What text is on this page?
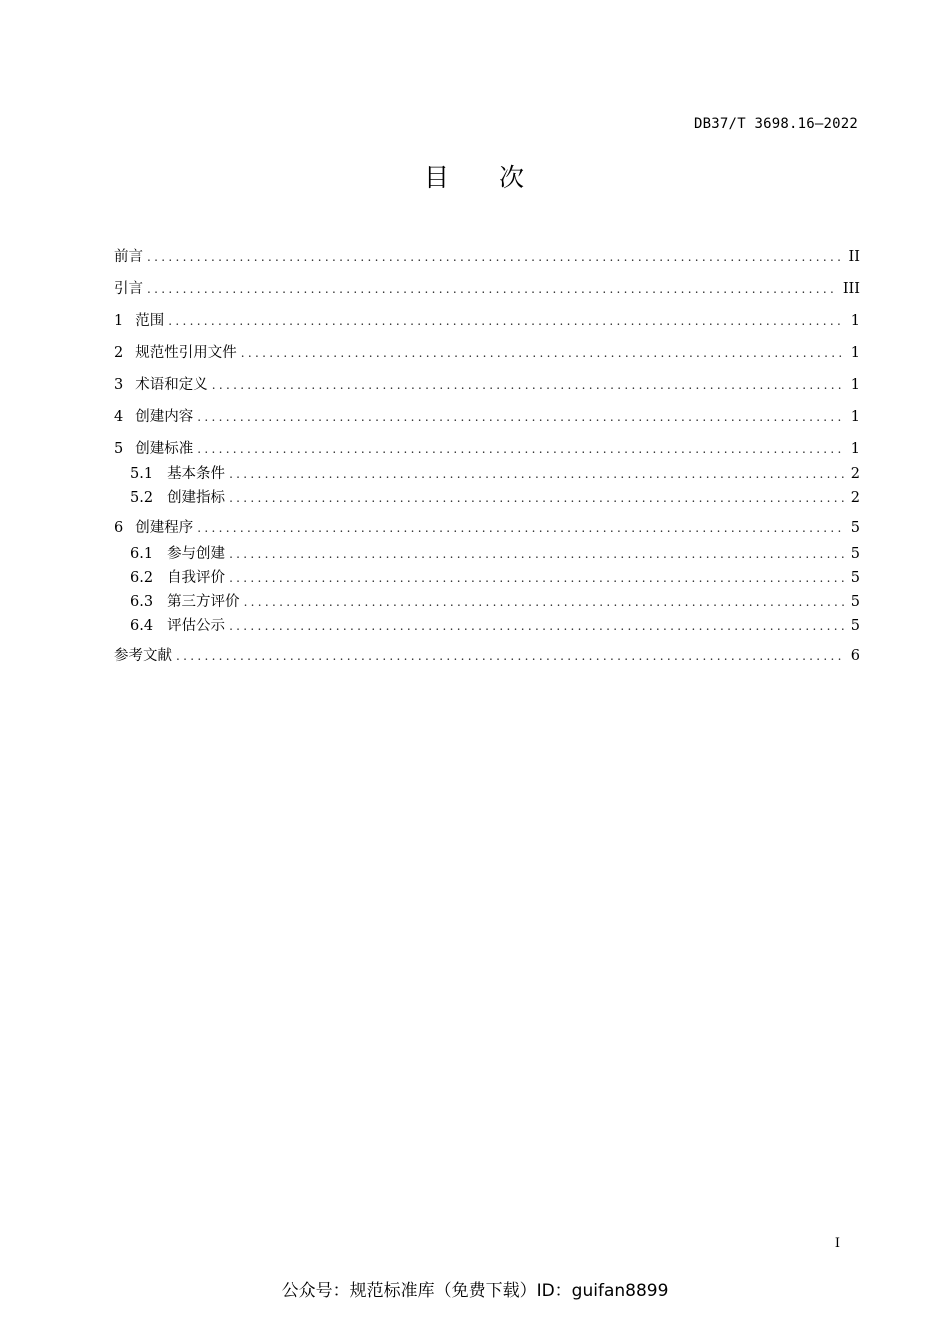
DB37/T 3698.16—2022
目 次
前言 .....	II
引言 .....	III
1 范围 .....	1
2 规范性引用文件 .....	1
3 术语和定义 .....	1
4 创建内容 .....	1
5 创建标准 .....	1
5.1 基本条件 .....	2
5.2 创建指标 .....	2
6 创建程序 .....	5
6.1 参与创建 .....	5
6.2 自我评价 .....	5
6.3 第三方评价 .....	5
6.4 评估公示 .....	5
参考文献 .....	6
I
公众号：规范标准库（免费下载）ID：guifan8899
